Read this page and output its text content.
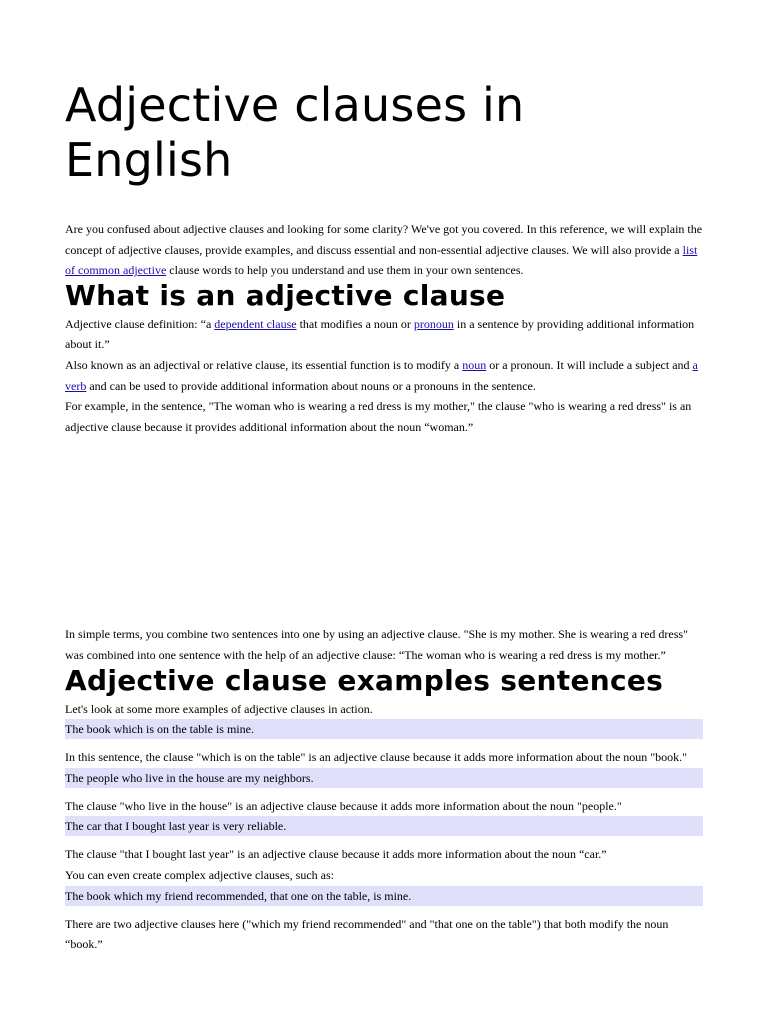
Adjective clauses in English

Are you confused about adjective clauses and looking for some clarity? We've got you covered. In this reference, we will explain the concept of adjective clauses, provide examples, and discuss essential and non-essential adjective clauses. We will also provide a list of common adjective clause words to help you understand and use them in your own sentences.

What is an adjective clause

Adjective clause definition: “a dependent clause that modifies a noun or pronoun in a sentence by providing additional information about it.”

Also known as an adjectival or relative clause, its essential function is to modify a noun or a pronoun. It will include a subject and a verb and can be used to provide additional information about nouns or a pronouns in the sentence.

For example, in the sentence, "The woman who is wearing a red dress is my mother," the clause "who is wearing a red dress" is an adjective clause because it provides additional information about the noun “woman.”

In simple terms, you combine two sentences into one by using an adjective clause. "She is my mother. She is wearing a red dress" was combined into one sentence with the help of an adjective clause: “The woman who is wearing a red dress is my mother.”

Adjective clause examples sentences

Let's look at some more examples of adjective clauses in action.

The book which is on the table is mine.

In this sentence, the clause "which is on the table" is an adjective clause because it adds more information about the noun "book."

The people who live in the house are my neighbors.

The clause "who live in the house" is an adjective clause because it adds more information about the noun "people."

The car that I bought last year is very reliable.

The clause "that I bought last year" is an adjective clause because it adds more information about the noun “car.”

You can even create complex adjective clauses, such as:

The book which my friend recommended, that one on the table, is mine.

There are two adjective clauses here ("which my friend recommended" and "that one on the table") that both modify the noun “book.”
